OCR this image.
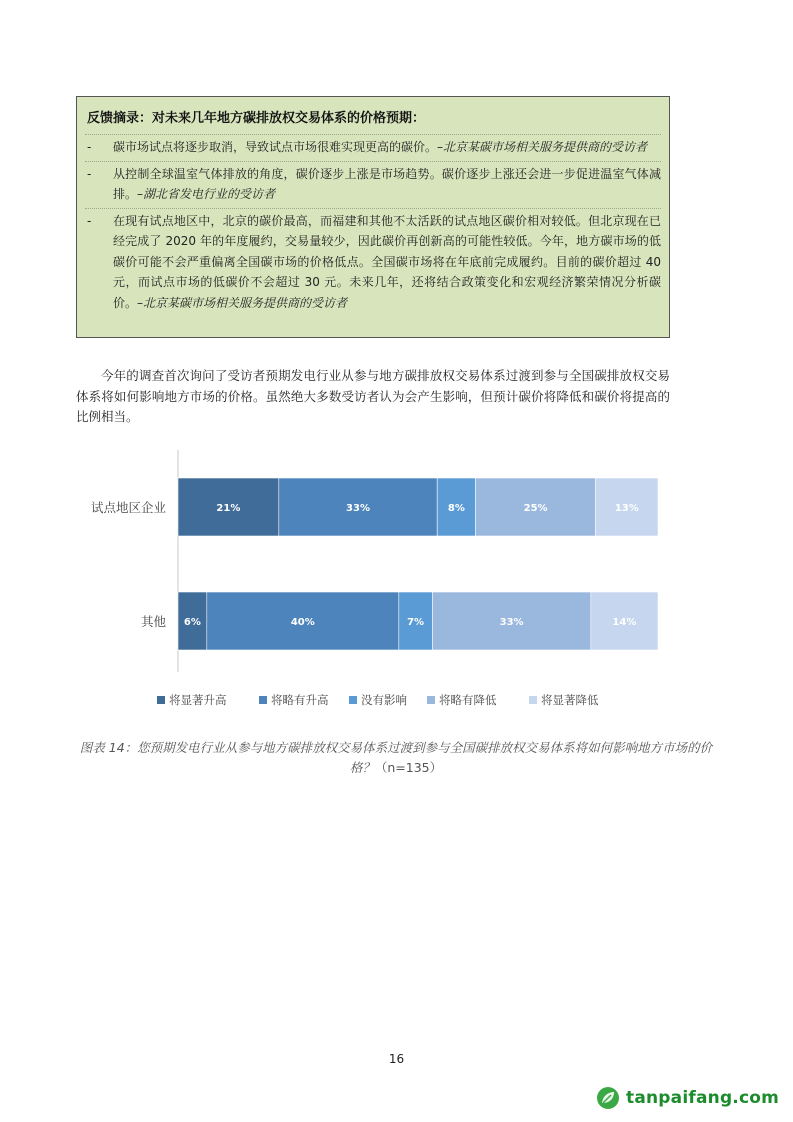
反馈摘录：对未来几年地方碳排放权交易体系的价格预期：
-	碳市场试点将逐步取消，导致试点市场很难实现更高的碳价。–北京某碳市场相关服务提供商的受访者
-	从控制全球温室气体排放的角度，碳价逐步上涨是市场趋势。碳价逐步上涨还会进一步促进温室气体减排。–湖北省发电行业的受访者
-	在现有试点地区中，北京的碳价最高，而福建和其他不太活跃的试点地区碳价相对较低。但北京现在已经完成了 2020 年的年度履约，交易量较少，因此碳价再创新高的可能性较低。今年，地方碳市场的低碳价可能不会严重偏离全国碳市场的价格低点。全国碳市场将在年底前完成履约。目前的碳价超过 40 元，而试点市场的低碳价不会超过 30 元。未来几年，还将结合政策变化和宏观经济繁荣情况分析碳价。–北京某碳市场相关服务提供商的受访者

今年的调查首次询问了受访者预期发电行业从参与地方碳排放权交易体系过渡到参与全国碳排放权交易体系将如何影响地方市场的价格。虽然绝大多数受访者认为会产生影响，但预计碳价将降低和碳价将提高的比例相当。

试点地区企业	21%	33%	8%	25%	13%
其他 6%	40%	7%	33%	14%
将显著升高	将略有升高	没有影响	将略有降低	将显著降低

图表 14：您预期发电行业从参与地方碳排放权交易体系过渡到参与全国碳排放权交易体系将如何影响地方市场的价格？（n=135）

16
tanpaifang.com
